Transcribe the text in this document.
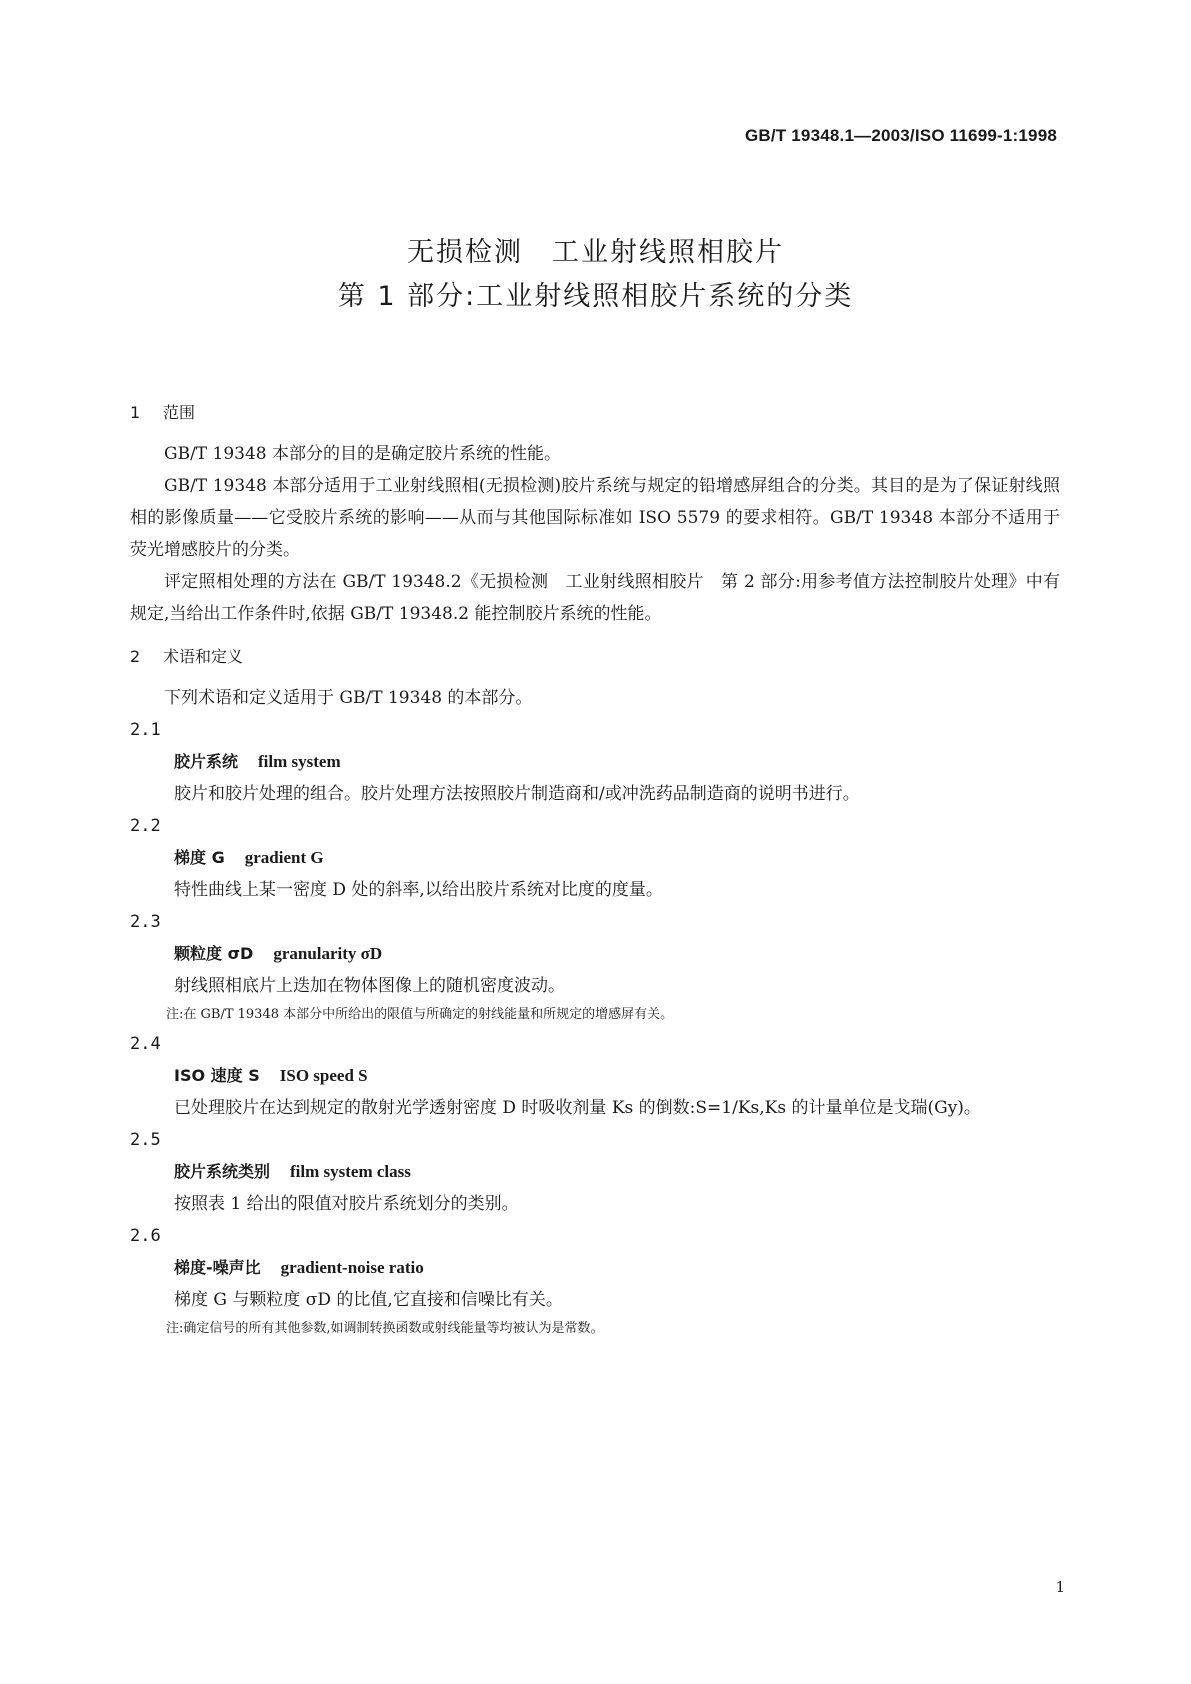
GB/T 19348.1—2003/ISO 11699-1:1998
无损检测　工业射线照相胶片
第 1 部分:工业射线照相胶片系统的分类
1 范围

GB/T 19348 本部分的目的是确定胶片系统的性能。

GB/T 19348 本部分适用于工业射线照相(无损检测)胶片系统与规定的铅增感屏组合的分类。其目的是为了保证射线照相的影像质量——它受胶片系统的影响——从而与其他国际标准如 ISO 5579 的要求相符。GB/T 19348 本部分不适用于荧光增感胶片的分类。

评定照相处理的方法在 GB/T 19348.2《无损检测　工业射线照相胶片　第 2 部分:用参考值方法控制胶片处理》中有规定,当给出工作条件时,依据 GB/T 19348.2 能控制胶片系统的性能。

2 术语和定义

下列术语和定义适用于 GB/T 19348 的本部分。

2.1
胶片系统 film system
胶片和胶片处理的组合。胶片处理方法按照胶片制造商和/或冲洗药品制造商的说明书进行。
2.2
梯度 G gradient G
特性曲线上某一密度 D 处的斜率,以给出胶片系统对比度的度量。
2.3
颗粒度 σD granularity σD
射线照相底片上迭加在物体图像上的随机密度波动。
注:在 GB/T 19348 本部分中所给出的限值与所确定的射线能量和所规定的增感屏有关。
2.4
ISO 速度 S ISO speed S
已处理胶片在达到规定的散射光学透射密度 D 时吸收剂量 Ks 的倒数:S=1/Ks,Ks 的计量单位是戈瑞(Gy)。
2.5
胶片系统类别 film system class
按照表 1 给出的限值对胶片系统划分的类别。
2.6
梯度-噪声比 gradient-noise ratio
梯度 G 与颗粒度 σD 的比值,它直接和信噪比有关。
注:确定信号的所有其他参数,如调制转换函数或射线能量等均被认为是常数。
1
